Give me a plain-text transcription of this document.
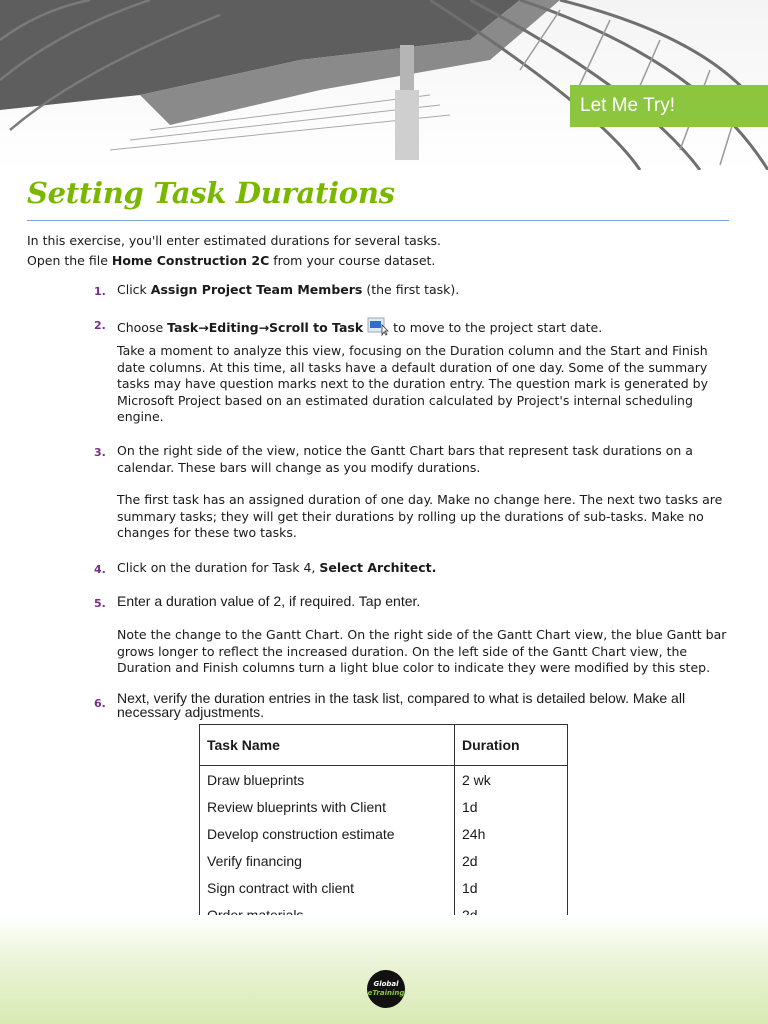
Let Me Try!
Setting Task Durations
In this exercise, you'll enter estimated durations for several tasks.
Open the file Home Construction 2C from your course dataset.
1. Click Assign Project Team Members (the first task).
2. Choose Task→Editing→Scroll to Task to move to the project start date.
Take a moment to analyze this view, focusing on the Duration column and the Start and Finish date columns. At this time, all tasks have a default duration of one day. Some of the summary tasks may have question marks next to the duration entry. The question mark is generated by Microsoft Project based on an estimated duration calculated by Project's internal scheduling engine.
3. On the right side of the view, notice the Gantt Chart bars that represent task durations on a calendar. These bars will change as you modify durations.
The first task has an assigned duration of one day. Make no change here. The next two tasks are summary tasks; they will get their durations by rolling up the durations of sub-tasks. Make no changes for these two tasks.
4. Click on the duration for Task 4, Select Architect.
5. Enter a duration value of 2, if required. Tap enter.
Note the change to the Gantt Chart. On the right side of the Gantt Chart view, the blue Gantt bar grows longer to reflect the increased duration. On the left side of the Gantt Chart view, the Duration and Finish columns turn a light blue color to indicate they were modified by this step.
6. Next, verify the duration entries in the task list, compared to what is detailed below. Make all necessary adjustments.
Task Name	Duration
Draw blueprints	2 wk
Review blueprints with Client	1d
Develop construction estimate	24h
Verify financing	2d
Sign contract with client	1d

Global
eTraining
